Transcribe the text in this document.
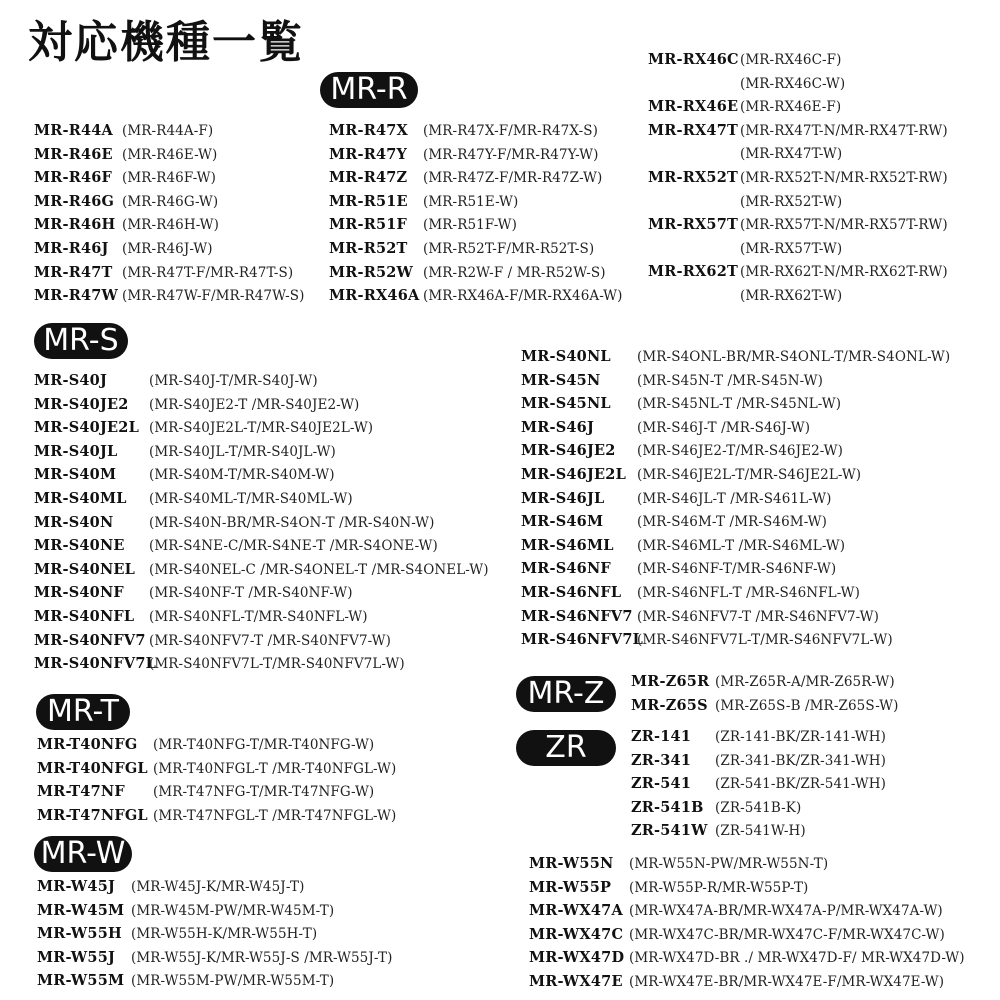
対応機種一覧
MR-R
MR-S
MR-T
MR-W
MR-Z
ZR
MR-R44A (MR-R44A-F)
MR-R46E (MR-R46E-W)
MR-R46F (MR-R46F-W)
MR-R46G (MR-R46G-W)
MR-R46H (MR-R46H-W)
MR-R46J (MR-R46J-W)
MR-R47T (MR-R47T-F/MR-R47T-S)
MR-R47W (MR-R47W-F/MR-R47W-S)
MR-R47X (MR-R47X-F/MR-R47X-S)
MR-R47Y (MR-R47Y-F/MR-R47Y-W)
MR-R47Z (MR-R47Z-F/MR-R47Z-W)
MR-R51E (MR-R51E-W)
MR-R51F (MR-R51F-W)
MR-R52T (MR-R52T-F/MR-R52T-S)
MR-R52W (MR-R2W-F / MR-R52W-S)
MR-RX46A (MR-RX46A-F/MR-RX46A-W)
MR-RX46C (MR-RX46C-F)
(MR-RX46C-W)
MR-RX46E (MR-RX46E-F)
MR-RX47T (MR-RX47T-N/MR-RX47T-RW)
(MR-RX47T-W)
MR-RX52T (MR-RX52T-N/MR-RX52T-RW)
(MR-RX52T-W)
MR-RX57T (MR-RX57T-N/MR-RX57T-RW)
(MR-RX57T-W)
MR-RX62T (MR-RX62T-N/MR-RX62T-RW)
(MR-RX62T-W)
MR-S40J	(MR-S40J-T/MR-S40J-W)
MR-S40JE2 (MR-S40JE2-T /MR-S40JE2-W)
MR-S40JE2L (MR-S40JE2L-T/MR-S40JE2L-W)
MR-S40JL (MR-S40JL-T/MR-S40JL-W)
MR-S40M (MR-S40M-T/MR-S40M-W)
MR-S40ML (MR-S40ML-T/MR-S40ML-W)
MR-S40N	(MR-S40N-BR/MR-S4ON-T /MR-S40N-W)
MR-S40NE (MR-S4NE-C/MR-S4NE-T /MR-S4ONE-W)
MR-S40NEL (MR-S40NEL-C /MR-S4ONEL-T /MR-S4ONEL-W)
MR-S40NF (MR-S40NF-T /MR-S40NF-W)
MR-S40NFL (MR-S40NFL-T/MR-S40NFL-W)
MR-S40NFV7 (MR-S40NFV7-T /MR-S40NFV7-W)
MR-S40NFV7L
(MR-S40NFV7L-T/MR-S40NFV7L-W)
MR-S40NL (MR-S4ONL-BR/MR-S4ONL-T/MR-S4ONL-W)
MR-S45N	(MR-S45N-T /MR-S45N-W)
MR-S45NL (MR-S45NL-T /MR-S45NL-W)
MR-S46J	(MR-S46J-T /MR-S46J-W)
MR-S46JE2 (MR-S46JE2-T/MR-S46JE2-W)
MR-S46JE2L (MR-S46JE2L-T/MR-S46JE2L-W)
MR-S46JL (MR-S46JL-T /MR-S461L-W)
MR-S46M	(MR-S46M-T /MR-S46M-W)
MR-S46ML (MR-S46ML-T /MR-S46ML-W)
MR-S46NF (MR-S46NF-T/MR-S46NF-W)
MR-S46NFL (MR-S46NFL-T /MR-S46NFL-W)
MR-S46NFV7 (MR-S46NFV7-T /MR-S46NFV7-W)
MR-S46NFV7L
(MR-S46NFV7L-T/MR-S46NFV7L-W)
MR-T40NFG (MR-T40NFG-T/MR-T40NFG-W)
MR-T40NFGL (MR-T40NFGL-T /MR-T40NFGL-W)
MR-T47NF (MR-T47NFG-T/MR-T47NFG-W)
MR-T47NFGL (MR-T47NFGL-T /MR-T47NFGL-W)
MR-W45J (MR-W45J-K/MR-W45J-T)
MR-W45M (MR-W45M-PW/MR-W45M-T)
MR-W55H (MR-W55H-K/MR-W55H-T)
MR-W55J (MR-W55J-K/MR-W55J-S /MR-W55J-T)
MR-W55M (MR-W55M-PW/MR-W55M-T)
MR-W55N (MR-W55N-PW/MR-W55N-T)
MR-W55P (MR-W55P-R/MR-W55P-T)
MR-WX47A (MR-WX47A-BR/MR-WX47A-P/MR-WX47A-W)
MR-WX47C (MR-WX47C-BR/MR-WX47C-F/MR-WX47C-W)
MR-WX47D (MR-WX47D-BR ./ MR-WX47D-F/ MR-WX47D-W)
MR-WX47E (MR-WX47E-BR/MR-WX47E-F/MR-WX47E-W)
MR-Z65R (MR-Z65R-A/MR-Z65R-W)
MR-Z65S (MR-Z65S-B /MR-Z65S-W)
ZR-141 (ZR-141-BK/ZR-141-WH)
ZR-341 (ZR-341-BK/ZR-341-WH)
ZR-541 (ZR-541-BK/ZR-541-WH)
ZR-541B (ZR-541B-K)
ZR-541W (ZR-541W-H)
